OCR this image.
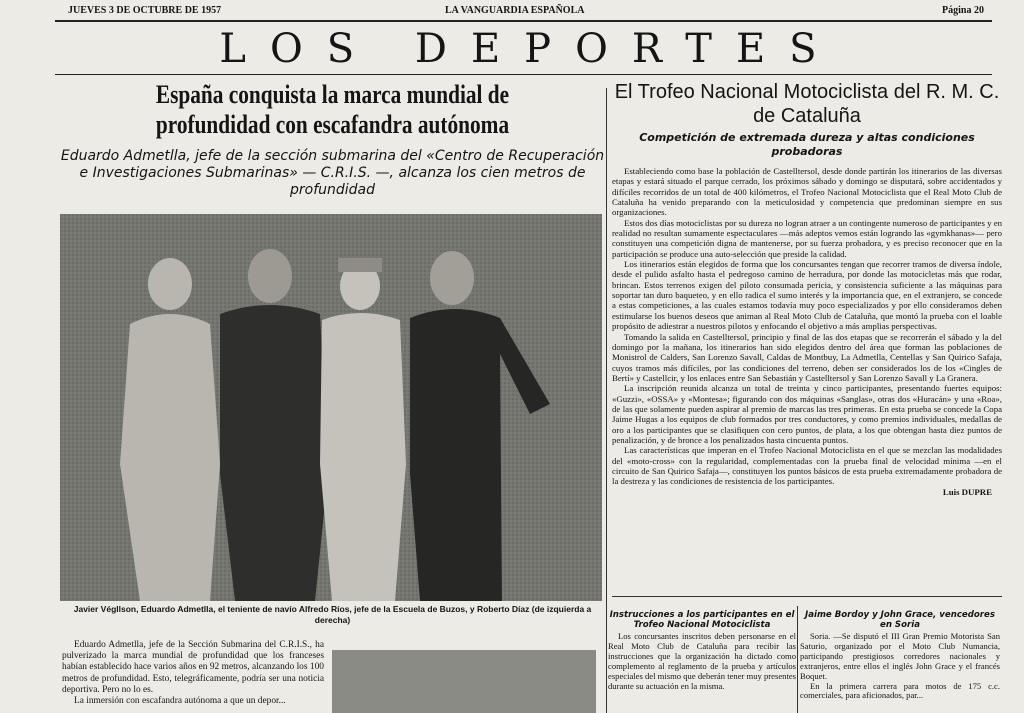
JUEVES 3 DE OCTUBRE DE 1957	LA VANGUARDIA ESPAÑOLA	Página 20
LOS DEPORTES
España conquista la marca mundial de profundidad con escafandra autónoma
Eduardo Admetlla, jefe de la sección submarina del «Centro de Recuperación e Investigaciones Submarinas» — C.R.I.S. —, alcanza los cien metros de profundidad
Javier Végllson, Eduardo Admetlla, el teniente de navío Alfredo Ríos, jefe de la Escuela de Buzos, y Roberto Díaz (de izquierda a derecha)

Eduardo Admetlla, jefe de la Sección Submarina del C.R.I.S., ha pulverizado la marca mundial de profundidad que los franceses habían establecido hace varios años en 92 metros, alcanzando los 100 metros de profundidad. Esto, telegráficamente, podría ser una noticia deportiva. Pero no lo es.

La inmersión con escafandra autónoma a que un depor...

El Trofeo Nacional Motociclista del R. M. C. de Cataluña
Competición de extremada dureza y altas condiciones probadoras

Estableciendo como base la población de Castelltersol, desde donde partirán los itinerarios de las diversas etapas y estará situado el parque cerrado, los próximos sábado y domingo se disputará, sobre accidentados y difíciles recorridos de un total de 400 kilómetros, el Trofeo Nacional Motociclista que el Real Moto Club de Cataluña ha venido preparando con la meticulosidad y competencia que predominan siempre en sus organizaciones.

Estos dos días motociclistas por su dureza no logran atraer a un contingente numeroso de participantes y en realidad no resultan sumamente espectaculares —más adeptos vemos están logrando las «gymkhanas»— pero constituyen una competición digna de mantenerse, por su fuerza probadora, y es preciso reconocer que en la participación se produce una auto-selección que preside la calidad.

Los itinerarios están elegidos de forma que los concursantes tengan que recorrer tramos de diversa índole, desde el pulido asfalto hasta el pedregoso camino de herradura, por donde las motocicletas más que rodar, brincan. Estos terrenos exigen del piloto consumada pericia, y consistencia suficiente a las máquinas para soportar tan duro baqueteo, y en ello radica el sumo interés y la importancia que, en el extranjero, se concede a estas competiciones, a las cuales estamos todavía muy poco especializados y por ello consideramos deben estimularse los buenos deseos que animan al Real Moto Club de Cataluña, que montó la prueba con el loable propósito de adiestrar a nuestros pilotos y enfocando el objetivo a más amplias perspectivas.

Tomando la salida en Castelltersol, principio y final de las dos etapas que se recorrerán el sábado y la del domingo por la mañana, los itinerarios han sido elegidos dentro del área que forman las poblaciones de Monistrol de Calders, San Lorenzo Savall, Caldas de Montbuy, La Admetlla, Centellas y San Quirico Safaja, cuyos tramos más difíciles, por las condiciones del terreno, deben ser considerados los de los «Cingles de Bertí» y Castellcir, y los enlaces entre San Sebastián y Castelltersol y San Lorenzo Savall y La Granera.

La inscripción reunida alcanza un total de treinta y cinco participantes, presentando fuertes equipos: «Guzzi», «OSSA» y «Montesa»; figurando con dos máquinas «Sanglas», otras dos «Huracán» y una «Roa», de las que solamente pueden aspirar al premio de marcas las tres primeras. En esta prueba se concede la Copa Jaime Hugas a los equipos de club formados por tres conductores, y como premios individuales, medallas de oro a los participantes que se clasifiquen con cero puntos, de plata, a los que obtengan hasta diez puntos de penalización, y de bronce a los penalizados hasta cincuenta puntos.

Las características que imperan en el Trofeo Nacional Motociclista en el que se mezclan las modalidades del «moto-cross» con la regularidad, complementadas con la prueba final de velocidad mínima —en el circuito de San Quirico Safaja—, constituyen los puntos básicos de esta prueba extremadamente probadora de la destreza y las condiciones de resistencia de los participantes.

Luis DUPRE
Instrucciones a los participantes en el Trofeo Nacional Motociclista

Los concursantes inscritos deben personarse en el Real Moto Club de Cataluña para recibir las instrucciones que la organización ha dictado como complemento al reglamento de la prueba y artículos especiales del mismo que deberán tener muy presentes durante su actuación en la misma.

Jaime Bordoy y John Grace, vencedores en Soria

Soria. —Se disputó el III Gran Premio Motorista San Saturio, organizado por el Moto Club Numancia, participando prestigiosos corredores nacionales y extranjeros, entre ellos el inglés John Grace y el francés Boquet.

En la primera carrera para motos de 175 c.c. comerciales, para aficionados, par...
